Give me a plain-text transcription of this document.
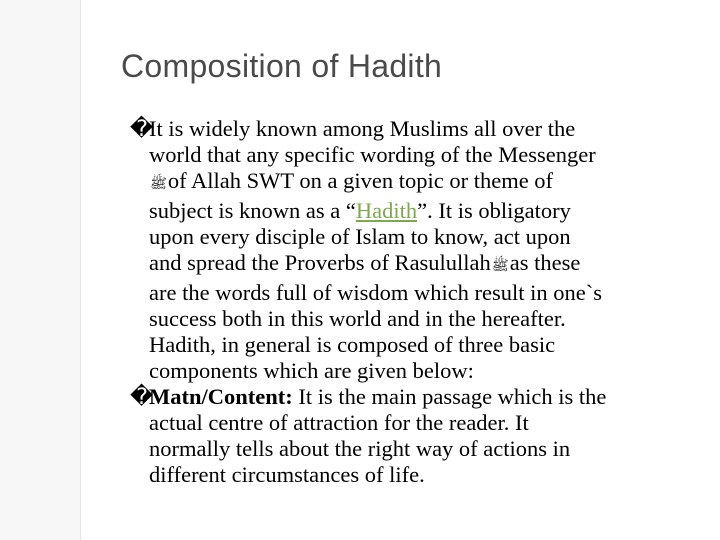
Composition of Hadith
�It is widely known among Muslims all over the
world that any specific wording of the Messenger
ﷺof Allah SWT on a given topic or theme of
subject is known as a “Hadith”. It is obligatory
upon every disciple of Islam to know, act upon
and spread the Proverbs of Rasulullahﷺas these
are the words full of wisdom which result in one`s
success both in this world and in the hereafter.
Hadith, in general is composed of three basic
components which are given below:
�Matn/Content: It is the main passage which is the
actual centre of attraction for the reader. It
normally tells about the right way of actions in
different circumstances of life.
